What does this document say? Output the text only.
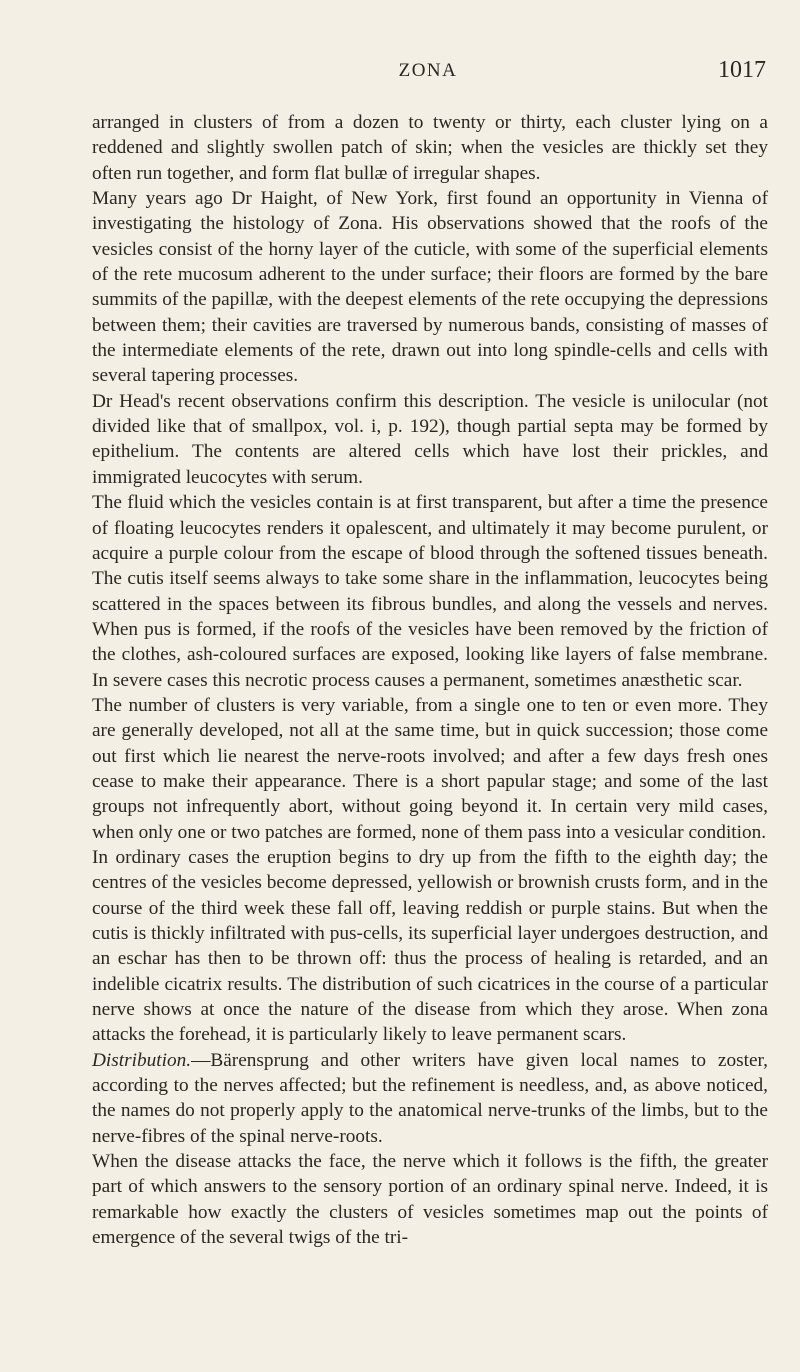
ZONA	1017

arranged in clusters of from a dozen to twenty or thirty, each cluster lying on a reddened and slightly swollen patch of skin; when the vesicles are thickly set they often run together, and form flat bullæ of irregular shapes.

Many years ago Dr Haight, of New York, first found an opportunity in Vienna of investigating the histology of Zona. His observations showed that the roofs of the vesicles consist of the horny layer of the cuticle, with some of the superficial elements of the rete mucosum adherent to the under surface; their floors are formed by the bare summits of the papillæ, with the deepest elements of the rete occupying the depressions between them; their cavities are traversed by numerous bands, consisting of masses of the intermediate elements of the rete, drawn out into long spindle-cells and cells with several tapering processes.

Dr Head's recent observations confirm this description. The vesicle is unilocular (not divided like that of smallpox, vol. i, p. 192), though partial septa may be formed by epithelium. The contents are altered cells which have lost their prickles, and immigrated leucocytes with serum.

The fluid which the vesicles contain is at first transparent, but after a time the presence of floating leucocytes renders it opalescent, and ultimately it may become purulent, or acquire a purple colour from the escape of blood through the softened tissues beneath. The cutis itself seems always to take some share in the inflammation, leucocytes being scattered in the spaces between its fibrous bundles, and along the vessels and nerves. When pus is formed, if the roofs of the vesicles have been removed by the friction of the clothes, ash-coloured surfaces are exposed, looking like layers of false membrane. In severe cases this necrotic process causes a permanent, sometimes anæsthetic scar.

The number of clusters is very variable, from a single one to ten or even more. They are generally developed, not all at the same time, but in quick succession; those come out first which lie nearest the nerve-roots involved; and after a few days fresh ones cease to make their appearance. There is a short papular stage; and some of the last groups not infrequently abort, without going beyond it. In certain very mild cases, when only one or two patches are formed, none of them pass into a vesicular condition.

In ordinary cases the eruption begins to dry up from the fifth to the eighth day; the centres of the vesicles become depressed, yellowish or brownish crusts form, and in the course of the third week these fall off, leaving reddish or purple stains. But when the cutis is thickly infiltrated with pus-cells, its superficial layer undergoes destruction, and an eschar has then to be thrown off: thus the process of healing is retarded, and an indelible cicatrix results. The distribution of such cicatrices in the course of a particular nerve shows at once the nature of the disease from which they arose. When zona attacks the forehead, it is particularly likely to leave permanent scars.

Distribution.—Bärensprung and other writers have given local names to zoster, according to the nerves affected; but the refinement is needless, and, as above noticed, the names do not properly apply to the anatomical nerve-trunks of the limbs, but to the nerve-fibres of the spinal nerve-roots.

When the disease attacks the face, the nerve which it follows is the fifth, the greater part of which answers to the sensory portion of an ordinary spinal nerve. Indeed, it is remarkable how exactly the clusters of vesicles sometimes map out the points of emergence of the several twigs of the tri-
